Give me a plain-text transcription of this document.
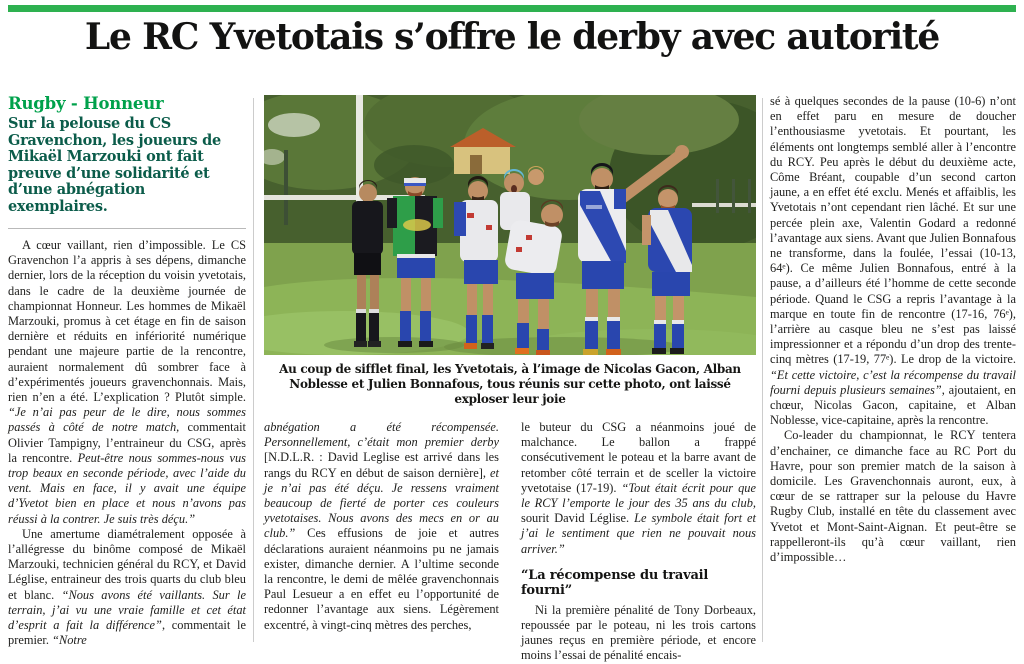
Le RC Yvetotais s’offre le derby avec autorité
Rugby - Honneur
Sur la pelouse du CS Gravenchon, les joueurs de Mikaël Marzouki ont fait preuve d’une solidarité et d’une abnégation exemplaires.

A cœur vaillant, rien d’impossible. Le CS Gravenchon l’a appris à ses dépens, dimanche dernier, lors de la réception du voisin yvetotais, dans le cadre de la deuxième journée de championnat Honneur. Les hommes de Mikaël Marzouki, promus à cet étage en fin de saison dernière et réduits en infériorité numérique pendant une majeure partie de la rencontre, auraient normalement dû sombrer face à d’expérimentés joueurs gravenchonnais. Mais, rien n’en a été. L’explication ? Plutôt simple. “Je n’ai pas peur de le dire, nous sommes passés à côté de notre match, commentait Olivier Tampigny, l’entraineur du CSG, après la rencontre. Peut-être nous sommes-nous vus trop beaux en seconde période, avec l’aide du vent. Mais en face, il y avait une équipe d’Yvetot bien en place et nous n’avons pas réussi à la contrer. Je suis très déçu.”

Une amertume diamétralement opposée à l’allégresse du binôme composé de Mikaël Marzouki, technicien général du RCY, et David Léglise, entraineur des trois quarts du club bleu et blanc. “Nous avons été vaillants. Sur le terrain, j’ai vu une vraie famille et cet état d’esprit a fait la différence”, commentait le premier. “Notre

Au coup de sifflet final, les Yvetotais, à l’image de Nicolas Gacon, Alban Noblesse et Julien Bonnafous, tous réunis sur cette photo, ont laissé exploser leur joie

abnégation a été récompensée. Personnellement, c’était mon premier derby [N.D.L.R. : David Leglise est arrivé dans les rangs du RCY en début de saison dernière], et je n’ai pas été déçu. Je ressens vraiment beaucoup de fierté de porter ces couleurs yvetotaises. Nous avons des mecs en or au club.” Ces effusions de joie et autres déclarations auraient néanmoins pu ne jamais exister, dimanche dernier. A l’ultime seconde la rencontre, le demi de mêlée gravenchonnais Paul Lesueur a en effet eu l’opportunité de redonner l’avantage aux siens. Légèrement excentré, à vingt-cinq mètres des perches,

le buteur du CSG a néanmoins joué de malchance. Le ballon a frappé consécutivement le poteau et la barre avant de retomber côté terrain et de sceller la victoire yvetotaise (17-19). “Tout était écrit pour que le RCY l’emporte le jour des 35 ans du club, sourit David Léglise. Le symbole était fort et j’ai le sentiment que rien ne pouvait nous arriver.”

“La récompense du travail fourni”

Ni la première pénalité de Tony Dorbeaux, repoussée par le poteau, ni les trois cartons jaunes reçus en première période, et encore moins l’essai de pénalité encais-

sé à quelques secondes de la pause (10-6) n’ont en effet paru en mesure de doucher l’enthousiasme yvetotais. Et pourtant, les éléments ont longtemps semblé aller à l’encontre du RCY. Peu après le début du deuxième acte, Côme Bréant, coupable d’un second carton jaune, a en effet été exclu. Menés et affaiblis, les Yvetotais n’ont cependant rien lâché. Et sur une percée plein axe, Valentin Godard a redonné l’avantage aux siens. Avant que Julien Bonnafous ne transforme, dans la foulée, l’essai (10-13, 64ᵉ). Ce même Julien Bonnafous, entré à la pause, a d’ailleurs été l’homme de cette seconde période. Quand le CSG a repris l’avantage à la marque en toute fin de rencontre (17-16, 76ᵉ), l’arrière au casque bleu ne s’est pas laissé impressionner et a répondu d’un drop des trente-cinq mètres (17-19, 77ᵉ). Le drop de la victoire. “Et cette victoire, c’est la récompense du travail fourni depuis plusieurs semaines”, ajoutaient, en chœur, Nicolas Gacon, capitaine, et Alban Noblesse, vice-capitaine, après la rencontre.

Co-leader du championnat, le RCY tentera d’enchainer, ce dimanche face au RC Port du Havre, pour son premier match de la saison à domicile. Les Gravenchonnais auront, eux, à cœur de se rattraper sur la pelouse du Havre Rugby Club, installé en tête du classement avec Yvetot et Mont-Saint-Aignan. Et peut-être se rappelleront-ils qu’à cœur vaillant, rien d’impossible…
